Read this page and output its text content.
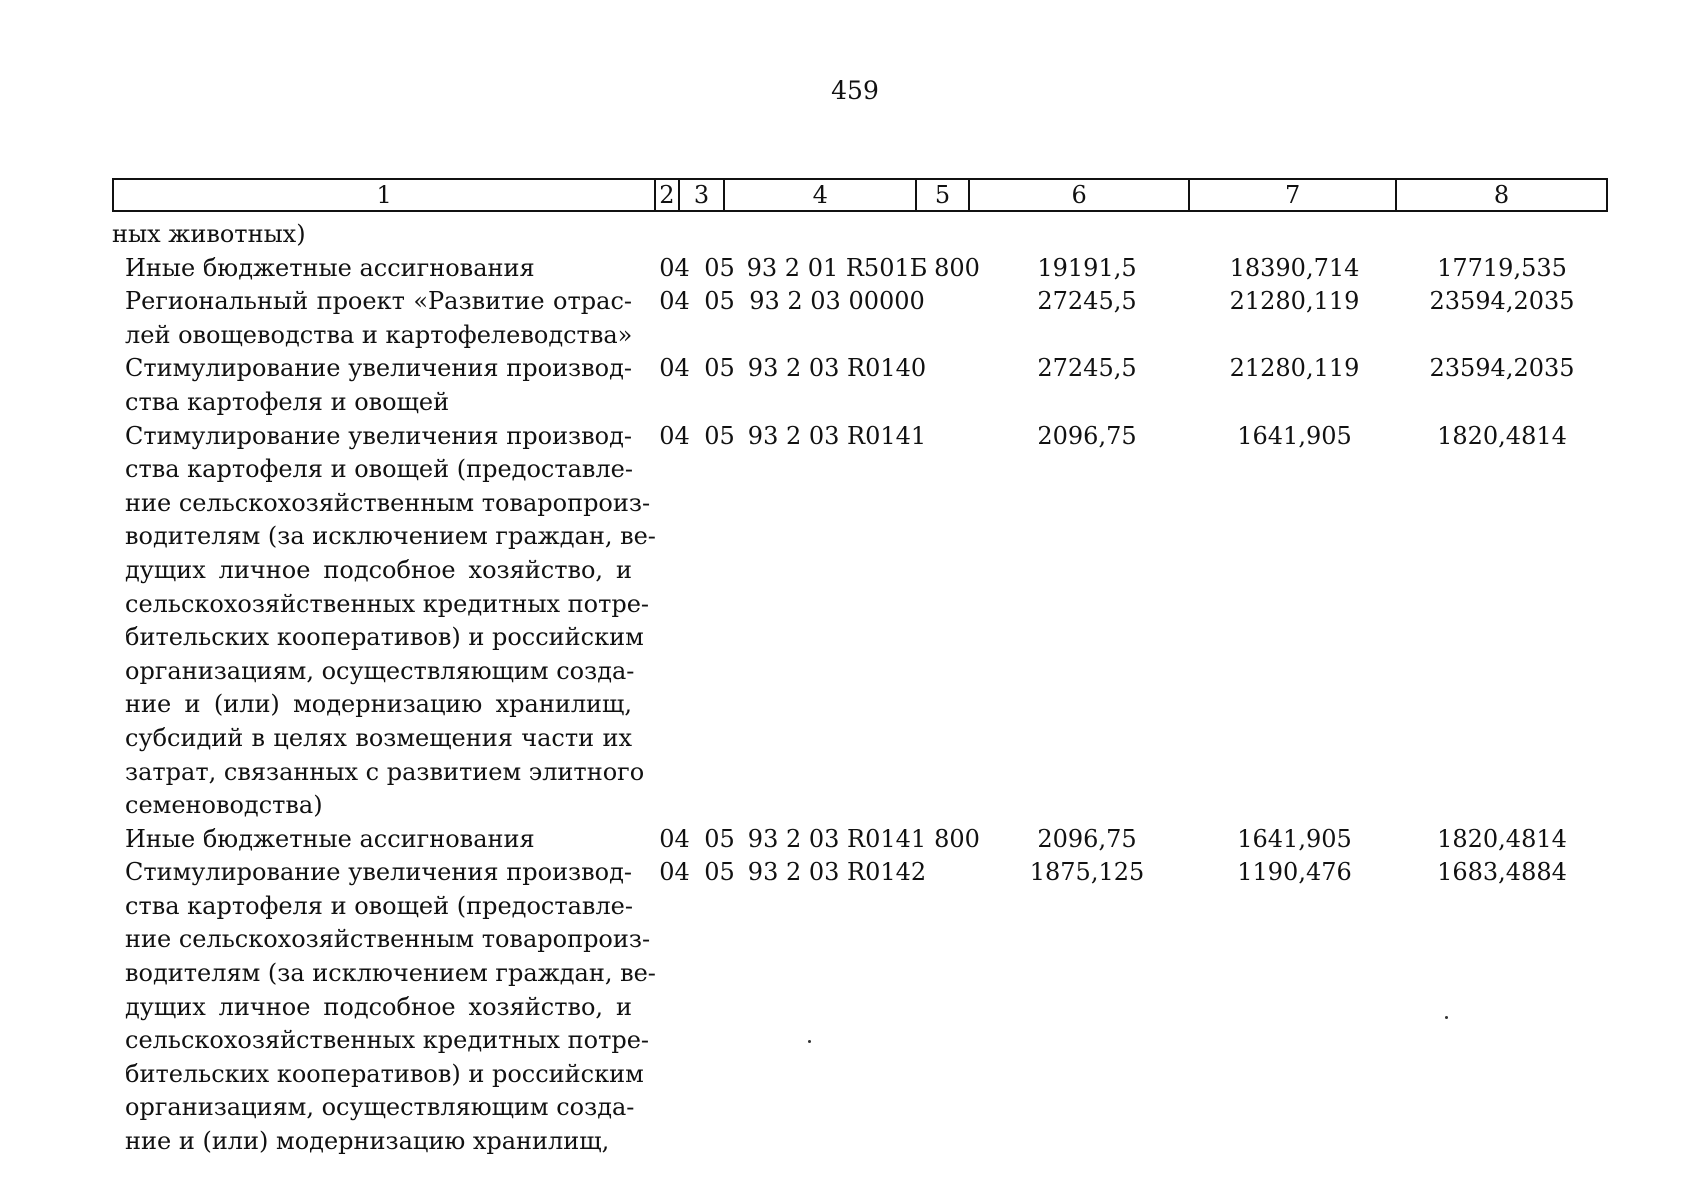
459
1	2	3	4	5	6	7	8
ных животных)
Иные бюджетные ассигнования	04 05 93 2 01 R501Б 800	19191,5	18390,714	17719,535
Региональный проект «Развитие отрас-
лей овощеводства и картофелеводства»
04 05 93 2 03 00000	27245,5	21280,119	23594,2035
Стимулирование увеличения производ-
ства картофеля и овощей
04 05 93 2 03 R0140	27245,5	21280,119	23594,2035
Стимулирование увеличения производ-
ства картофеля и овощей (предоставле-
ние сельскохозяйственным товаропроиз-
водителям (за исключением граждан, ве-
дущих личное подсобное хозяйство, и
сельскохозяйственных кредитных потре-
бительских кооперативов) и российским
организациям, осуществляющим созда-
ние и (или) модернизацию хранилищ,
субсидий в целях возмещения части их
затрат, связанных с развитием элитного
семеноводства)
04 05 93 2 03 R0141	2096,75	1641,905	1820,4814
Иные бюджетные ассигнования	04 05 93 2 03 R0141 800	2096,75	1641,905	1820,4814
Стимулирование увеличения производ-
ства картофеля и овощей (предоставле-
ние сельскохозяйственным товаропроиз-
водителям (за исключением граждан, ве-
дущих личное подсобное хозяйство, и
сельскохозяйственных кредитных потре-
бительских кооперативов) и российским
организациям, осуществляющим созда-
ние и (или) модернизацию хранилищ,
04 05 93 2 03 R0142	1875,125	1190,476	1683,4884
